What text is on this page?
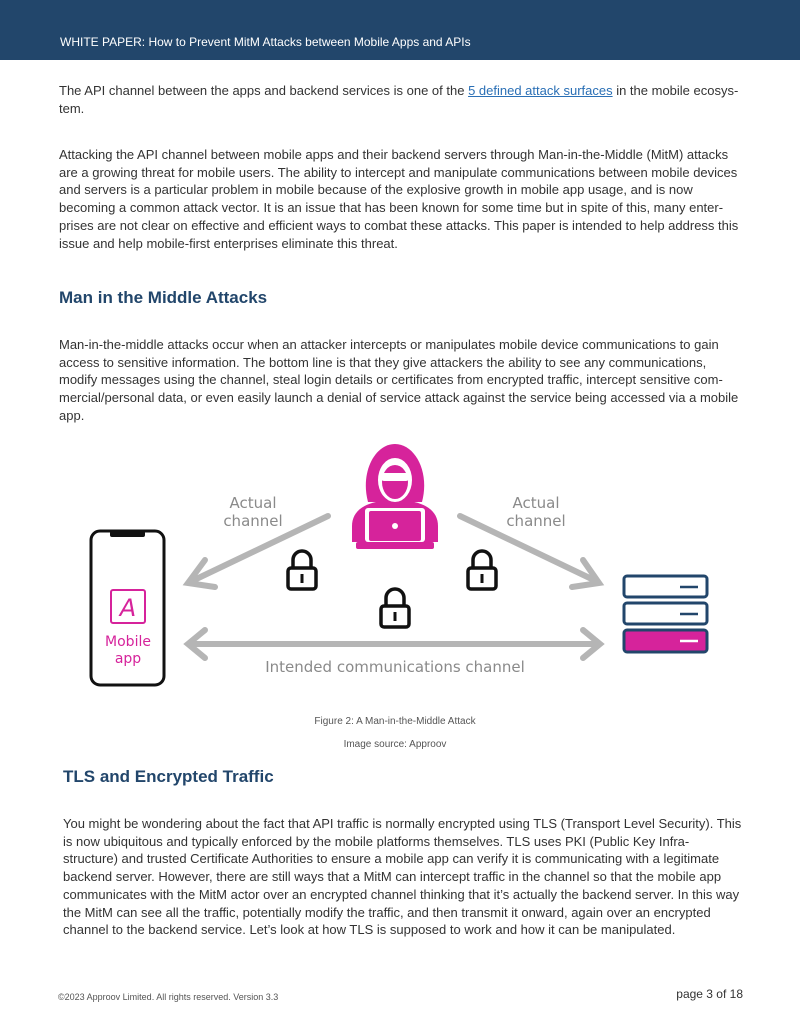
WHITE PAPER: How to Prevent MitM Attacks between Mobile Apps and APIs

The API channel between the apps and backend services is one of the 5 defined attack surfaces in the mobile ecosys-tem.

Attacking the API channel between mobile apps and their backend servers through Man-in-the-Middle (MitM) attacks are a growing threat for mobile users. The ability to intercept and manipulate communications between mobile devices and servers is a particular problem in mobile because of the explosive growth in mobile app usage, and is now becoming a common attack vector. It is an issue that has been known for some time but in spite of this, many enter-prises are not clear on effective and efficient ways to combat these attacks. This paper is intended to help address this issue and help mobile-first enterprises eliminate this threat.

Man in the Middle Attacks

Man-in-the-middle attacks occur when an attacker intercepts or manipulates mobile device communications to gain access to sensitive information. The bottom line is that they give attackers the ability to see any communications, modify messages using the channel, steal login details or certificates from encrypted traffic, intercept sensitive com-mercial/personal data, or even easily launch a denial of service attack against the service being accessed via a mobile app.

Actual
channel
Actual
channel
Intended communications channel
A
Mobile
app
Figure 2: A Man-in-the-Middle Attack
Image source: Approov
TLS and Encrypted Traffic

You might be wondering about the fact that API traffic is normally encrypted using TLS (Transport Level Security). This is now ubiquitous and typically enforced by the mobile platforms themselves. TLS uses PKI (Public Key Infra-structure) and trusted Certificate Authorities to ensure a mobile app can verify it is communicating with a legitimate backend server. However, there are still ways that a MitM can intercept traffic in the channel so that the mobile app communicates with the MitM actor over an encrypted channel thinking that it’s actually the backend server. In this way the MitM can see all the traffic, potentially modify the traffic, and then transmit it onward, again over an encrypted channel to the backend service. Let’s look at how TLS is supposed to work and how it can be manipulated.

©2023 Approov Limited. All rights reserved. Version 3.3	page 3 of 18
